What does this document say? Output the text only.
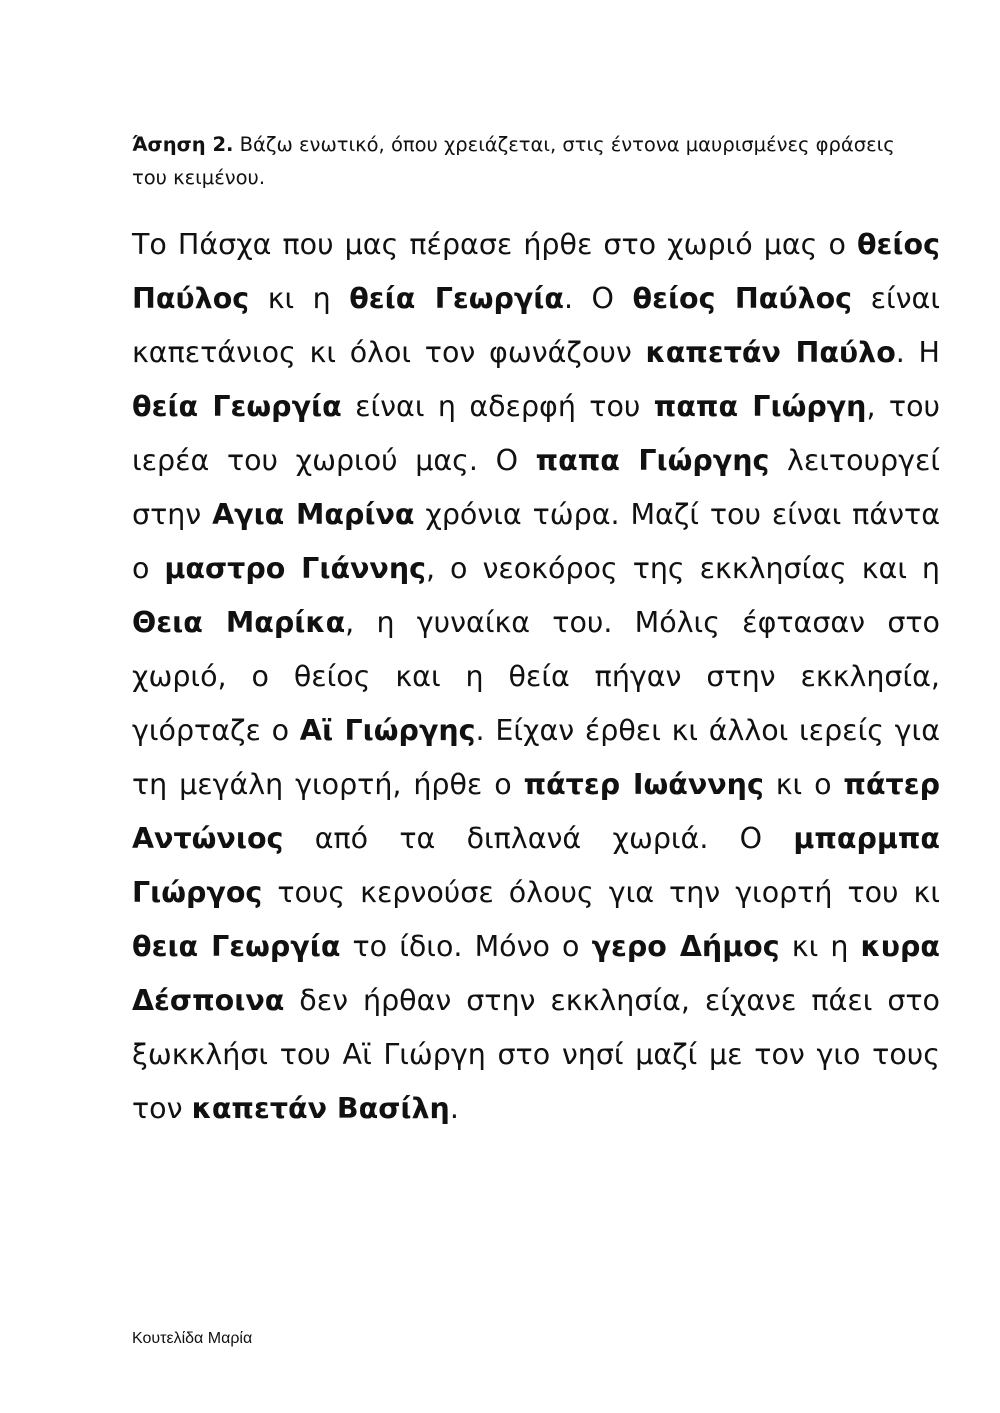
Άσηση 2. Βάζω ενωτικό, όπου χρειάζεται, στις έντονα μαυρισμένες φράσεις του κειμένου.
Το Πάσχα που μας πέρασε ήρθε στο χωριό μας ο θείος Παύλος κι η θεία Γεωργία. Ο θείος Παύλος είναι καπετάνιος κι όλοι τον φωνάζουν καπετάν Παύλο. Η θεία Γεωργία είναι η αδερφή του παπα Γιώργη, του ιερέα του χωριού μας. Ο παπα Γιώργης λειτουργεί στην Αγια Μαρίνα χρόνια τώρα. Μαζί του είναι πάντα ο μαστρο Γιάννης, ο νεοκόρος της εκκλησίας και η Θεια Μαρίκα, η γυναίκα του. Μόλις έφτασαν στο χωριό, ο θείος και η θεία πήγαν στην εκκλησία, γιόρταζε ο Αϊ Γιώργης. Είχαν έρθει κι άλλοι ιερείς για τη μεγάλη γιορτή, ήρθε ο πάτερ Ιωάννης κι ο πάτερ Αντώνιος από τα διπλανά χωριά. Ο μπαρμπα Γιώργος τους κερνούσε όλους για την γιορτή του κι θεια Γεωργία το ίδιο. Μόνο ο γερο Δήμος κι η κυρα Δέσποινα δεν ήρθαν στην εκκλησία, είχανε πάει στο ξωκκλήσι του Αϊ Γιώργη στο νησί μαζί με τον γιο τους τον καπετάν Βασίλη.
Κουτελίδα Μαρία
